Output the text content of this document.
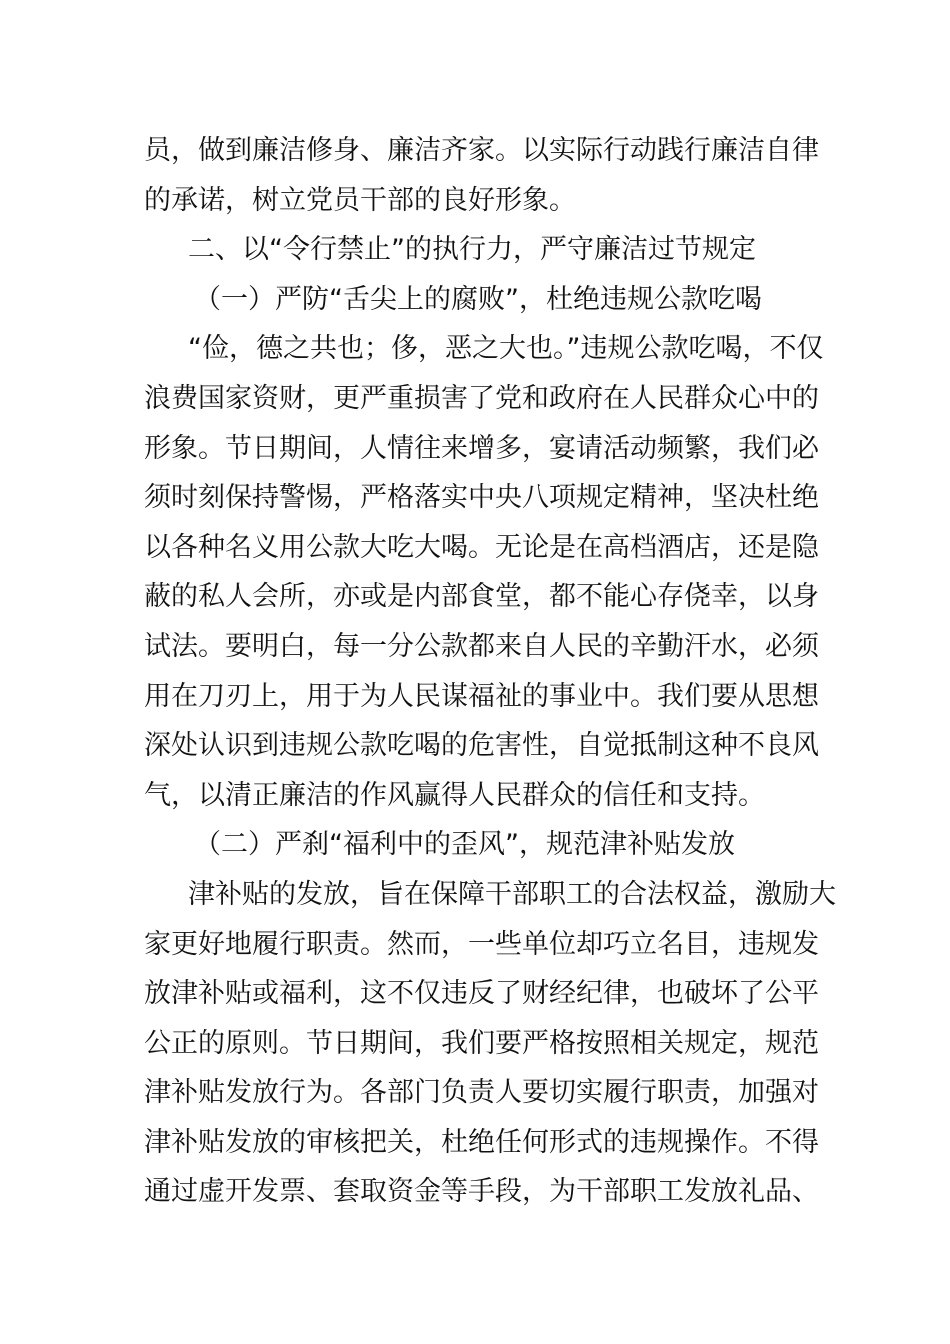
员，做到廉洁修身、廉洁齐家。以实际行动践行廉洁自律
的承诺，树立党员干部的良好形象。
二、以“令行禁止”的执行力，严守廉洁过节规定
（一）严防“舌尖上的腐败”，杜绝违规公款吃喝
“俭，德之共也；侈，恶之大也。”违规公款吃喝，不仅
浪费国家资财，更严重损害了党和政府在人民群众心中的
形象。节日期间，人情往来增多，宴请活动频繁，我们必
须时刻保持警惕，严格落实中央八项规定精神，坚决杜绝
以各种名义用公款大吃大喝。无论是在高档酒店，还是隐
蔽的私人会所，亦或是内部食堂，都不能心存侥幸，以身
试法。要明白，每一分公款都来自人民的辛勤汗水，必须
用在刀刃上，用于为人民谋福祉的事业中。我们要从思想
深处认识到违规公款吃喝的危害性，自觉抵制这种不良风
气，以清正廉洁的作风赢得人民群众的信任和支持。
（二）严刹“福利中的歪风”，规范津补贴发放
津补贴的发放，旨在保障干部职工的合法权益，激励大
家更好地履行职责。然而，一些单位却巧立名目，违规发
放津补贴或福利，这不仅违反了财经纪律，也破坏了公平
公正的原则。节日期间，我们要严格按照相关规定，规范
津补贴发放行为。各部门负责人要切实履行职责，加强对
津补贴发放的审核把关，杜绝任何形式的违规操作。不得
通过虚开发票、套取资金等手段，为干部职工发放礼品、
